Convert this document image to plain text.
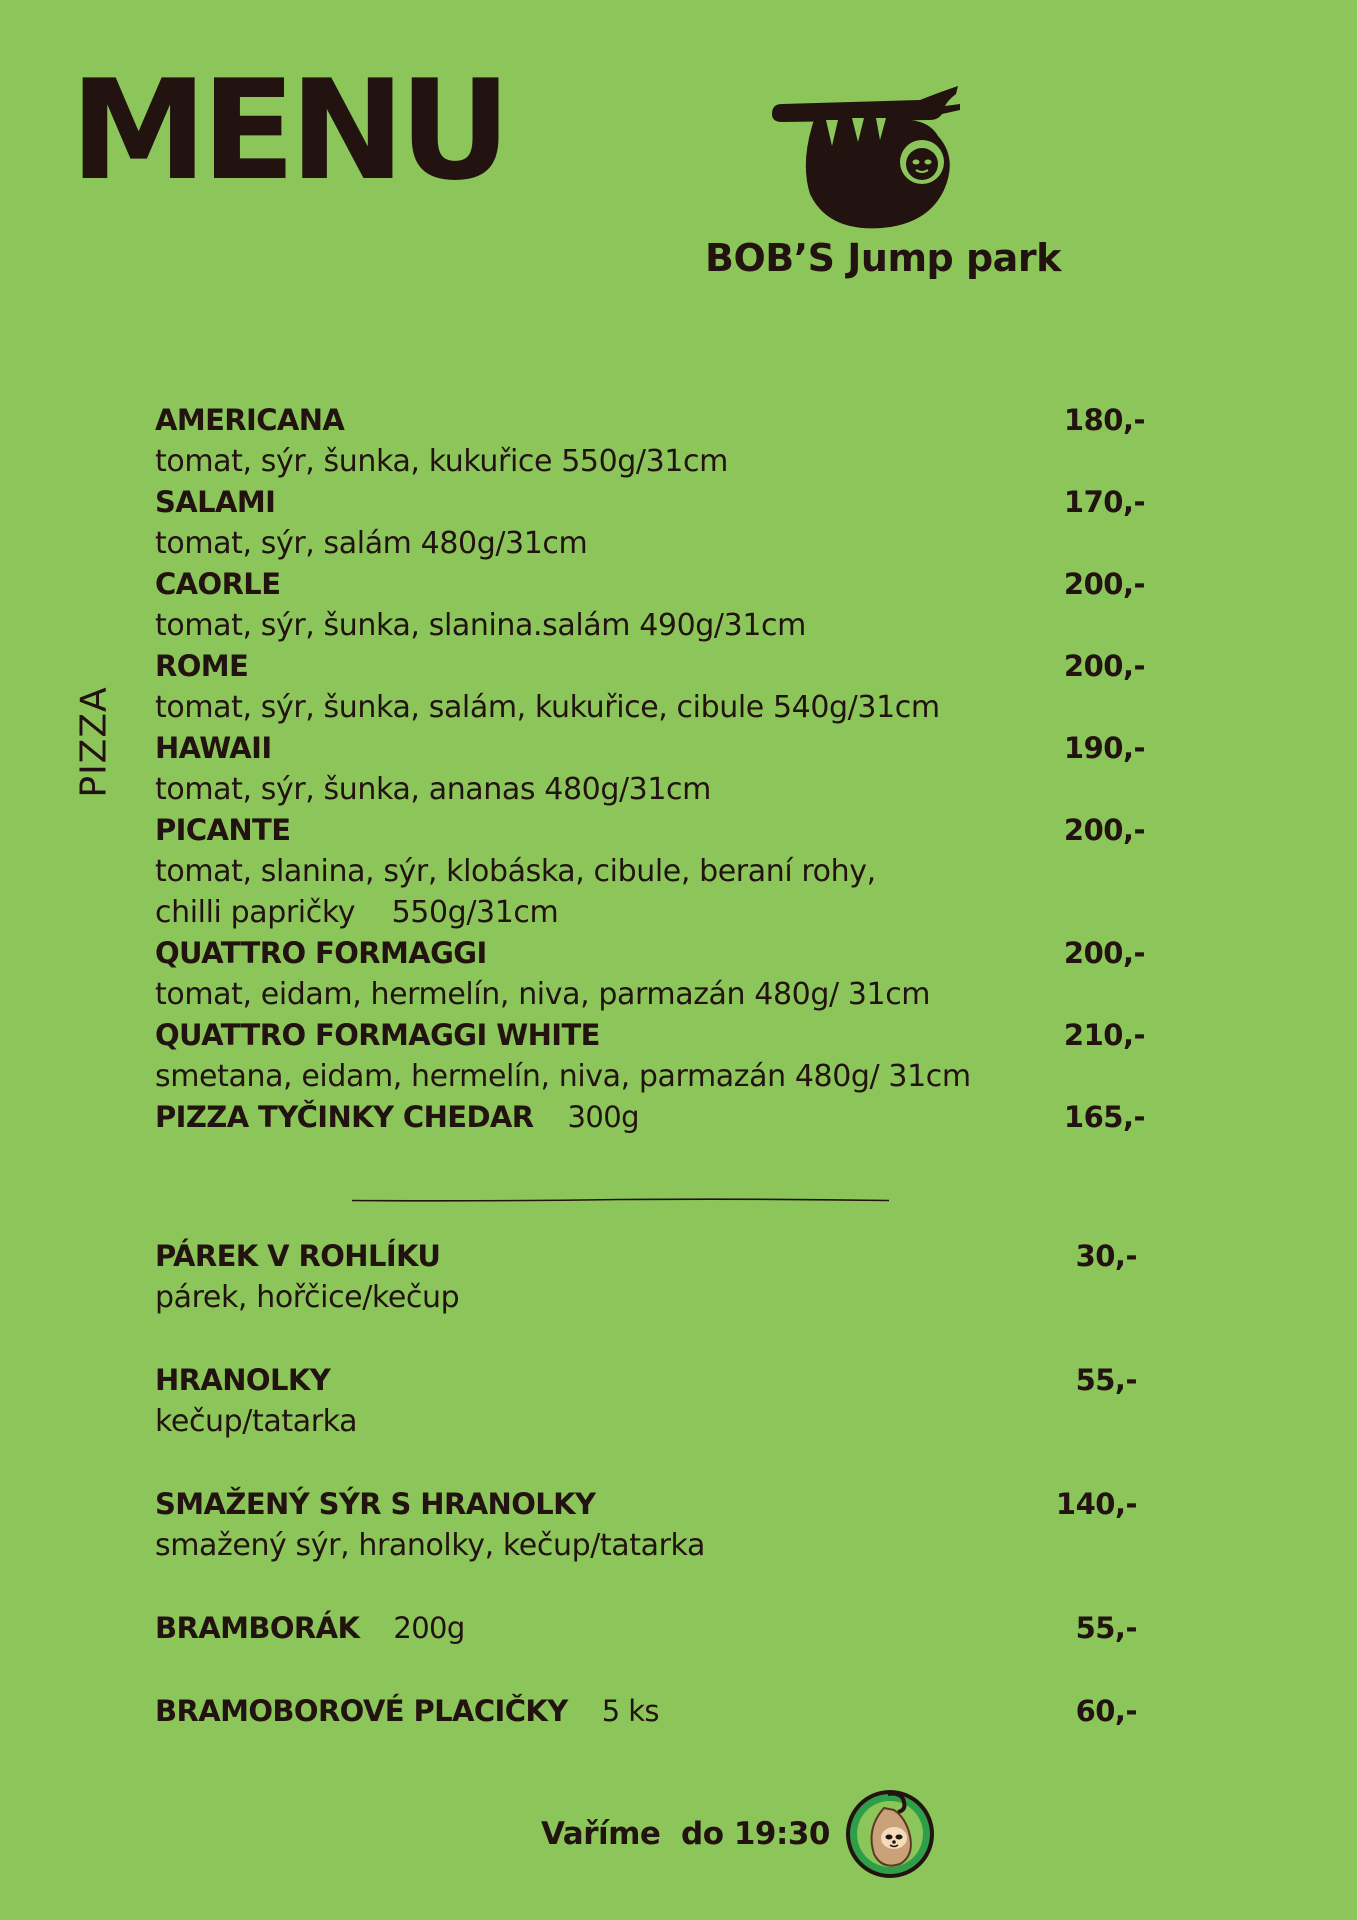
MENU
BOB’S Jump park
PIZZA
AMERICANA
tomat, sýr, šunka, kukuřice 550g/31cm
180,-
SALAMI
tomat, sýr, salám 480g/31cm
170,-
CAORLE
tomat, sýr, šunka, slanina.salám 490g/31cm
200,-
ROME
tomat, sýr, šunka, salám, kukuřice, cibule 540g/31cm
200,-
HAWAII
tomat, sýr, šunka, ananas 480g/31cm
190,-
PICANTE
tomat, slanina, sýr, klobáska, cibule, beraní rohy,
chilli papričky    550g/31cm
200,-
QUATTRO FORMAGGI
tomat, eidam, hermelín, niva, parmazán 480g/ 31cm
200,-
QUATTRO FORMAGGI WHITE
smetana, eidam, hermelín, niva, parmazán 480g/ 31cm
210,-
PIZZA TYČINKY CHEDAR 300g	165,-
PÁREK V ROHLÍKU
párek, hořčice/kečup
30,-
HRANOLKY
kečup/tatarka
55,-
SMAŽENÝ SÝR S HRANOLKY
smažený sýr, hranolky, kečup/tatarka
140,-
BRAMBORÁK 200g	55,-
BRAMOBOROVÉ PLACIČKY 5 ks	60,-
Vaříme  do 19:30
